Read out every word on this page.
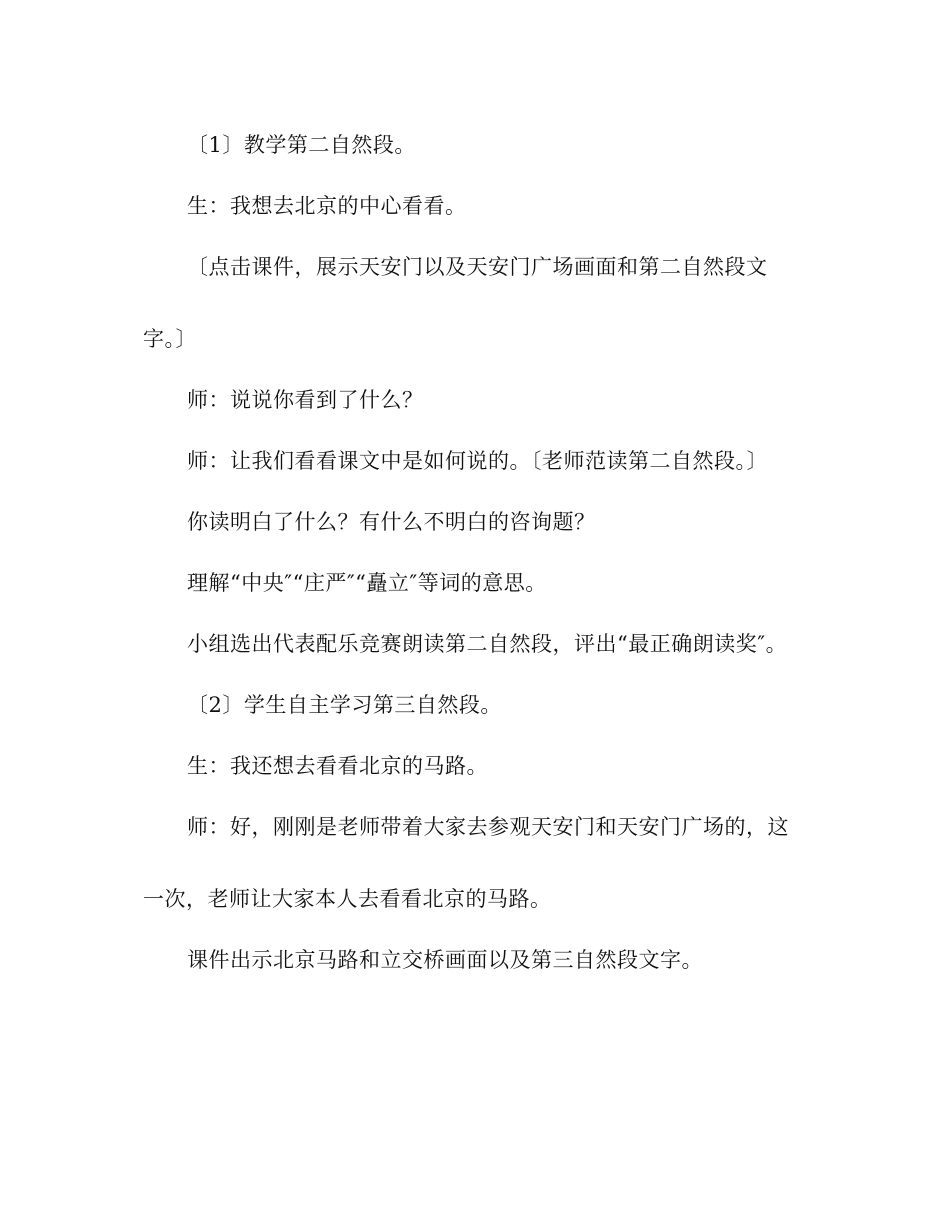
〔1〕教学第二自然段。
生：我想去北京的中心看看。
〔点击课件，展示天安门以及天安门广场画面和第二自然段文
字。〕
师：说说你看到了什么？
师：让我们看看课文中是如何说的。〔老师范读第二自然段。〕
你读明白了什么？有什么不明白的咨询题？
理解“中央″“庄严″“矗立″等词的意思。
小组选出代表配乐竞赛朗读第二自然段，评出“最正确朗读奖″。
〔2〕学生自主学习第三自然段。
生：我还想去看看北京的马路。
师：好，刚刚是老师带着大家去参观天安门和天安门广场的，这
一次，老师让大家本人去看看北京的马路。
课件出示北京马路和立交桥画面以及第三自然段文字。
